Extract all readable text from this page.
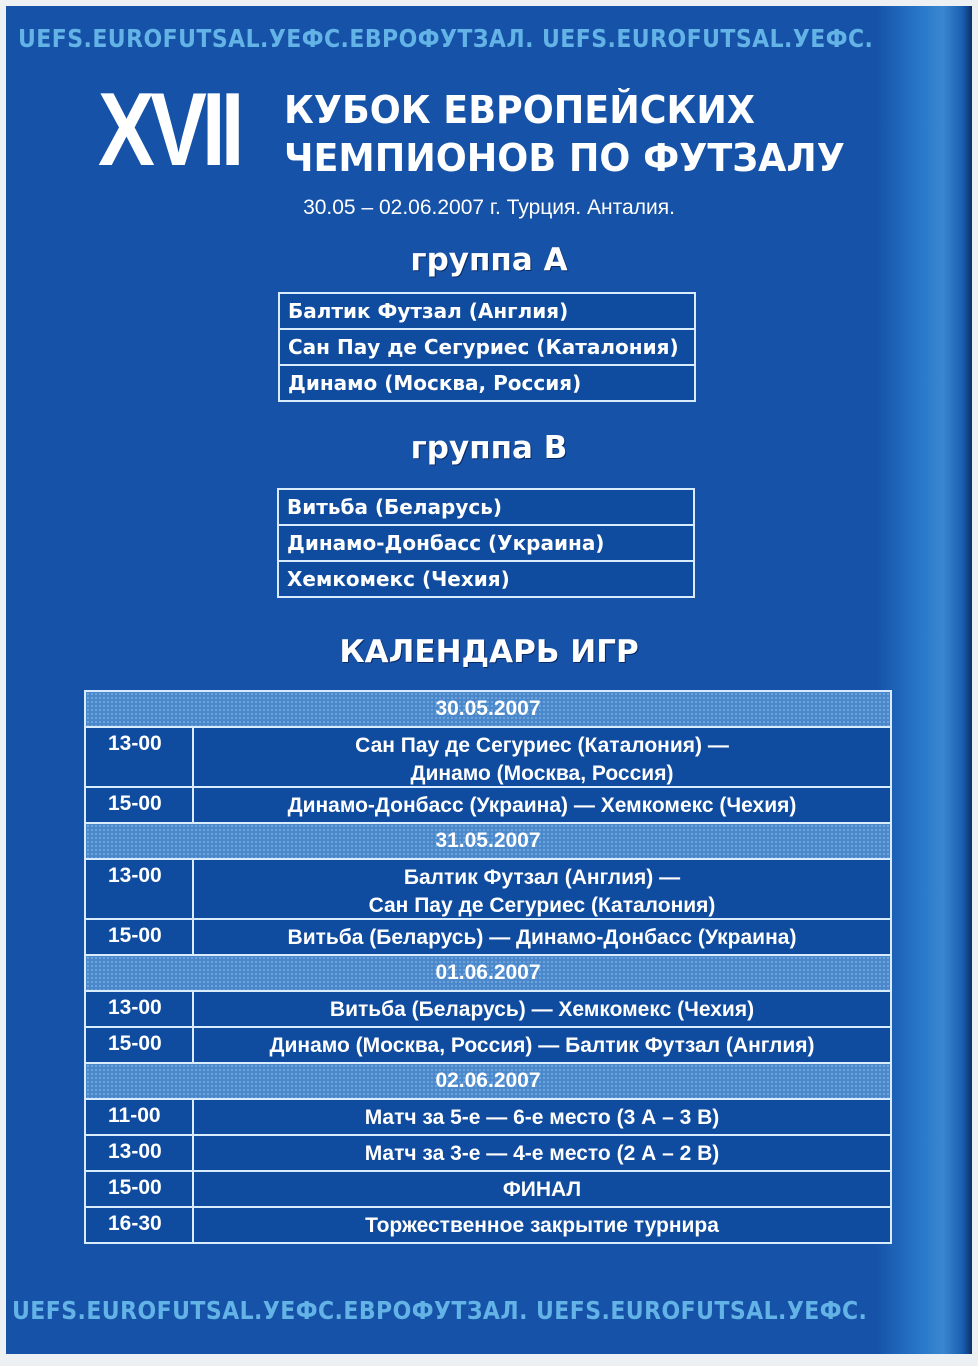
UEFS.EUROFUTSAL.УЕФС.ЕВРОФУТЗАЛ. UEFS.EUROFUTSAL.УЕФС.
XVII КУБОК ЕВРОПЕЙСКИХ
ЧЕМПИОНОВ ПО ФУТЗАЛУ
30.05 – 02.06.2007 г. Турция. Анталия.
группа А
Балтик Футзал (Англия)
Сан Пау де Сегуриес (Каталония)
Динамо (Москва, Россия)
группа В
Витьба (Беларусь)
Динамо-Донбасс (Украина)
Хемкомекс (Чехия)
КАЛЕНДАРЬ ИГР
30.05.2007
13-00	Сан Пау де Сегуриес (Каталония) —
Динамо (Москва, Россия)
15-00	Динамо-Донбасс (Украина) — Хемкомекс (Чехия)
31.05.2007
13-00	Балтик Футзал (Англия) —
Сан Пау де Сегуриес (Каталония)
15-00	Витьба (Беларусь) — Динамо-Донбасс (Украина)
01.06.2007
13-00	Витьба (Беларусь) — Хемкомекс (Чехия)
15-00	Динамо (Москва, Россия) — Балтик Футзал (Англия)
02.06.2007
11-00	Матч за 5-е — 6-е место (3 А – 3 В)
13-00	Матч за 3-е — 4-е место (2 А – 2 В)
15-00	ФИНАЛ
16-30	Торжественное закрытие турнира
UEFS.EUROFUTSAL.УЕФС.ЕВРОФУТЗАЛ. UEFS.EUROFUTSAL.УЕФС.
